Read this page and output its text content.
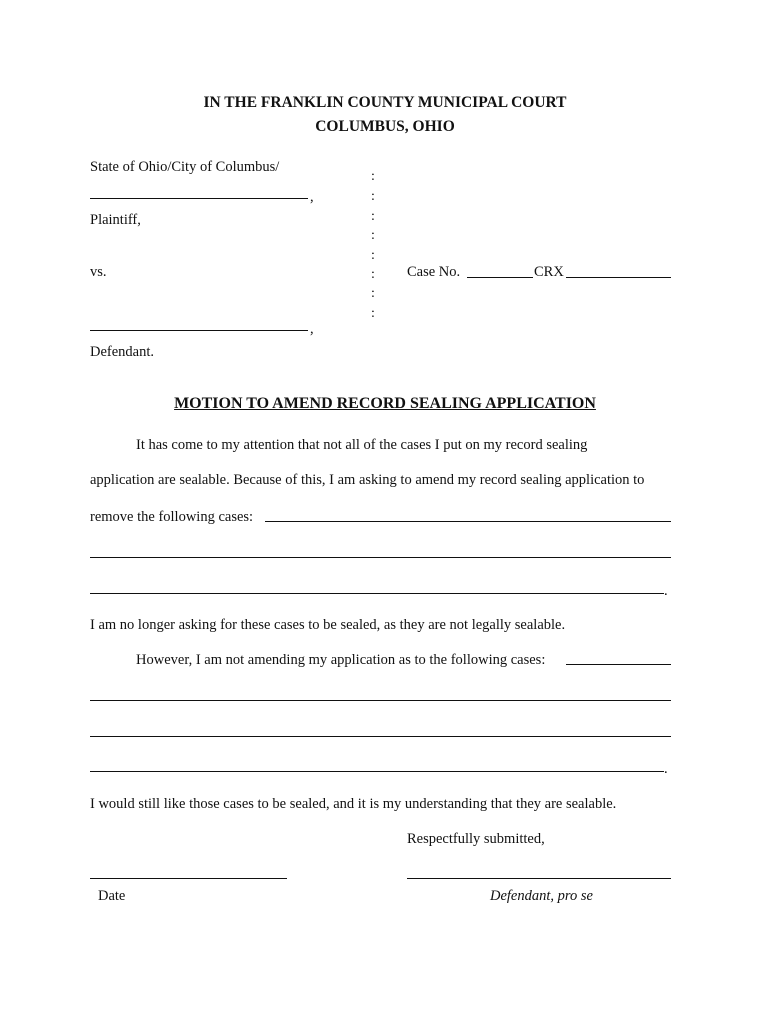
IN THE FRANKLIN COUNTY MUNICIPAL COURT
COLUMBUS, OHIO
State of Ohio/City of Columbus/
,
Plaintiff,
vs.
,
Defendant.
:
:
:
:
:
:
:
:
Case No.	CRX
MOTION TO AMEND RECORD SEALING APPLICATION
It has come to my attention that not all of the cases I put on my record sealing
application are sealable. Because of this, I am asking to amend my record sealing application to
remove the following cases:
.
I am no longer asking for these cases to be sealed, as they are not legally sealable.
However, I am not amending my application as to the following cases:
.
I would still like those cases to be sealed, and it is my understanding that they are sealable.
Respectfully submitted,
Date	Defendant, pro se
